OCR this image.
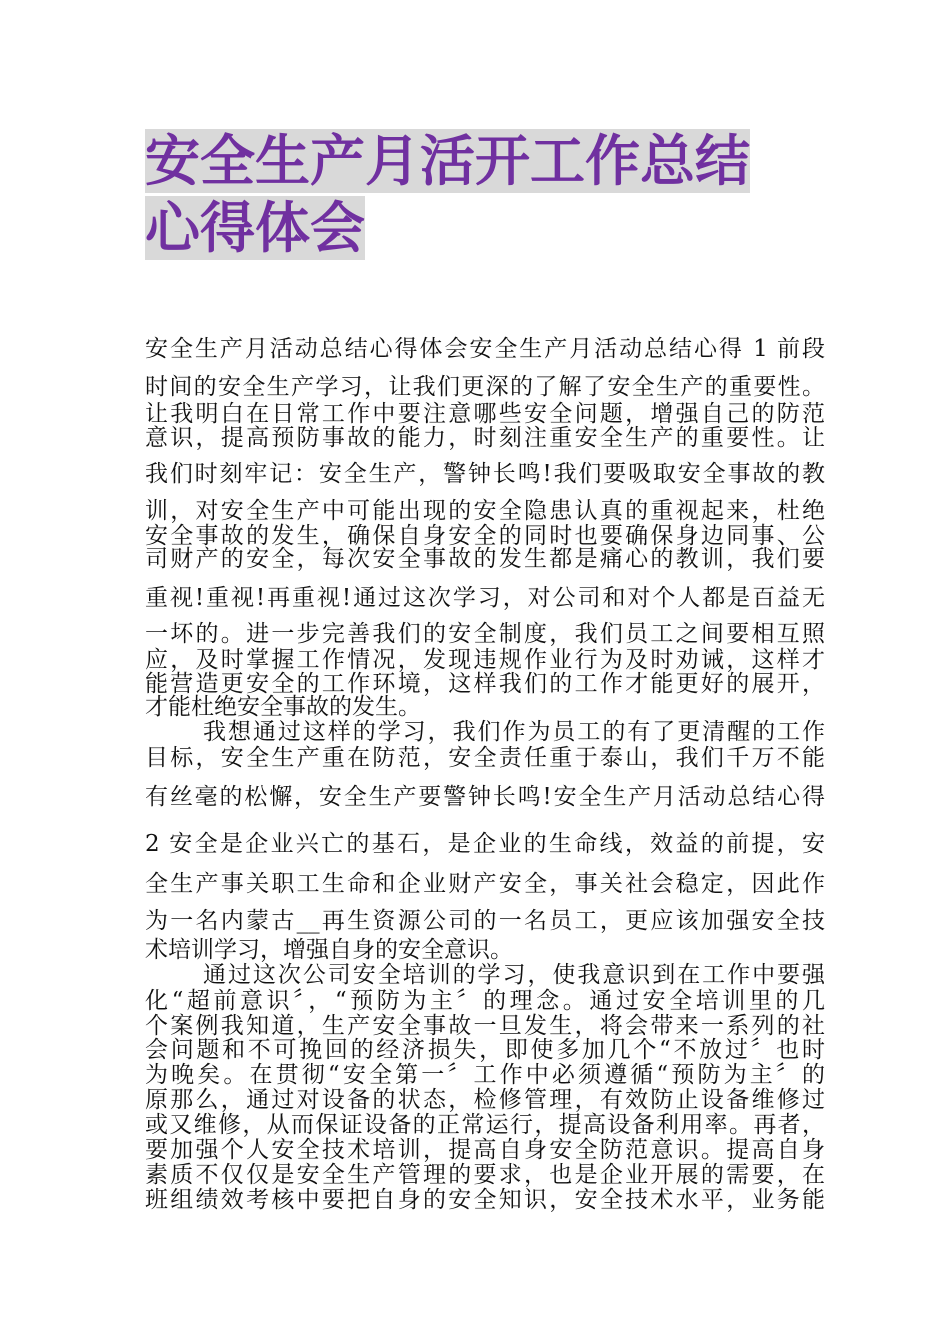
安全生产月活开工作总结
心得体会
安全生产月活动总结心得体会安全生产月活动总结心得 1 前段
时间的安全生产学习，让我们更深的了解了安全生产的重要性。
让我明白在日常工作中要注意哪些安全问题，增强自己的防范
意识，提高预防事故的能力，时刻注重安全生产的重要性。让
我们时刻牢记：安全生产，警钟长鸣!我们要吸取安全事故的教
训，对安全生产中可能出现的安全隐患认真的重视起来，杜绝
安全事故的发生，确保自身安全的同时也要确保身边同事、公
司财产的安全，每次安全事故的发生都是痛心的教训，我们要
重视!重视!再重视!通过这次学习，对公司和对个人都是百益无
一坏的。进一步完善我们的安全制度，我们员工之间要相互照
应，及时掌握工作情况，发现违规作业行为及时劝诫，这样才
能营造更安全的工作环境，这样我们的工作才能更好的展开，
才能杜绝安全事故的发生。
我想通过这样的学习，我们作为员工的有了更清醒的工作
目标，安全生产重在防范，安全责任重于泰山，我们千万不能
有丝毫的松懈，安全生产要警钟长鸣!安全生产月活动总结心得
2 安全是企业兴亡的基石，是企业的生命线，效益的前提，安
全生产事关职工生命和企业财产安全，事关社会稳定，因此作
为一名内蒙古__再生资源公司的一名员工，更应该加强安全技
术培训学习，增强自身的安全意识。
通过这次公司安全培训的学习，使我意识到在工作中要强
化“超前意识〞，“预防为主〞的理念。通过安全培训里的几
个案例我知道，生产安全事故一旦发生，将会带来一系列的社
会问题和不可挽回的经济损失，即使多加几个“不放过〞也时
为晚矣。在贯彻“安全第一〞工作中必须遵循“预防为主〞的
原那么，通过对设备的状态，检修管理，有效防止设备维修过
或又维修，从而保证设备的正常运行，提高设备利用率。再者，
要加强个人安全技术培训，提高自身安全防范意识。提高自身
素质不仅仅是安全生产管理的要求，也是企业开展的需要，在
班组绩效考核中要把自身的安全知识，安全技术水平，业务能
